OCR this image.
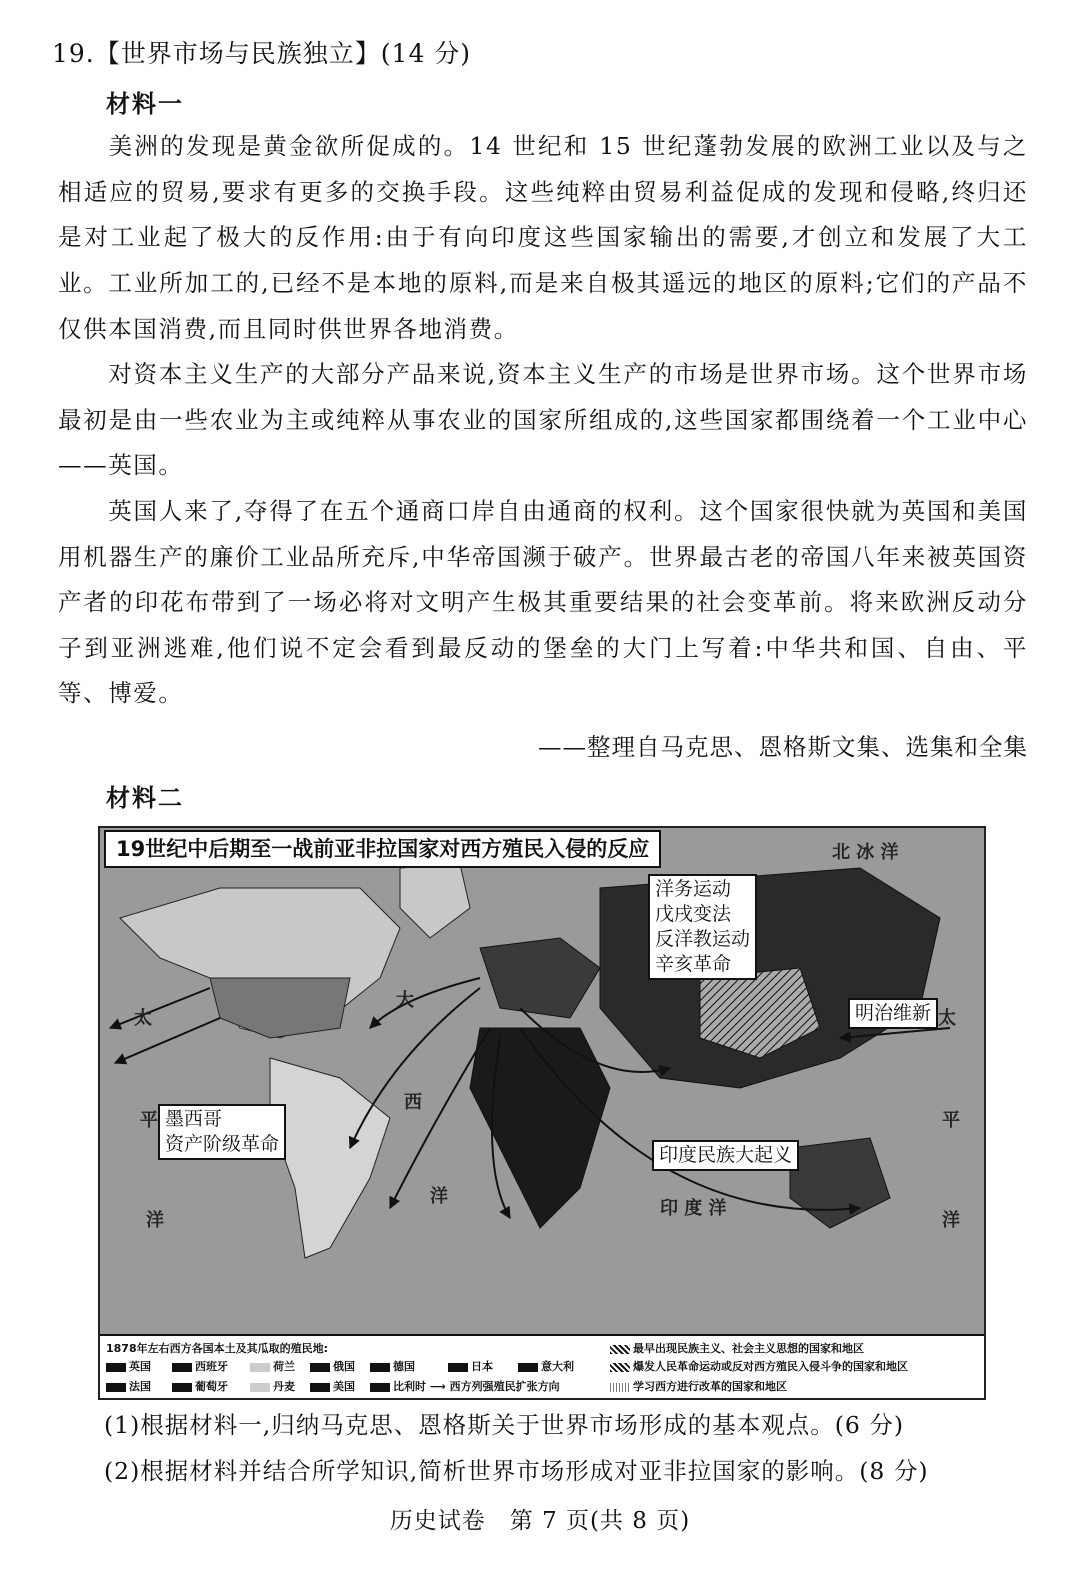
19.【世界市场与民族独立】(14 分)
材料一

美洲的发现是黄金欲所促成的。14 世纪和 15 世纪蓬勃发展的欧洲工业以及与之相适应的贸易,要求有更多的交换手段。这些纯粹由贸易利益促成的发现和侵略,终归还是对工业起了极大的反作用:由于有向印度这些国家输出的需要,才创立和发展了大工业。 工业所加工的,已经不是本地的原料,而是来自极其遥远的地区的原料;它们的产品不仅供本国消费,而且同时供世界各地消费。

对资本主义生产的大部分产品来说,资本主义生产的市场是世界市场。这个世界市场最初是由一些农业为主或纯粹从事农业的国家所组成的,这些国家都围绕着一个工业中心——英国。

英国人来了,夺得了在五个通商口岸自由通商的权利。这个国家很快就为英国和美国用机器生产的廉价工业品所充斥,中华帝国濒于破产。世界最古老的帝国八年来被英国资产者的印花布带到了一场必将对文明产生极其重要结果的社会变革前。将来欧洲反动分子到亚洲逃难,他们说不定会看到最反动的堡垒的大门上写着:中华共和国、自由、平等、博爱。

——整理自马克思、恩格斯文集、选集和全集
材料二
19世纪中后期至一战前亚非拉国家对西方殖民入侵的反应	北 冰 洋
大
西
洋
太
平
洋
太
平
洋
印 度 洋
洋务运动
戊戌变法
反洋教运动
辛亥革命
明治维新
墨西哥
资产阶级革命	印度民族大起义
1878年左右西方各国本土及其瓜取的殖民地:
英国	西班牙	荷兰	俄国	德国	日本	意大利
法国	葡萄牙	丹麦	美国	比利时 ⟶ 西方列强殖民扩张方向
最早出现民族主义、社会主义思想的国家和地区
爆发人民革命运动或反对西方殖民入侵斗争的国家和地区
学习西方进行改革的国家和地区
(1)根据材料一,归纳马克思、恩格斯关于世界市场形成的基本观点。(6 分)
(2)根据材料并结合所学知识,简析世界市场形成对亚非拉国家的影响。(8 分)
历史试卷　第 7 页(共 8 页)
